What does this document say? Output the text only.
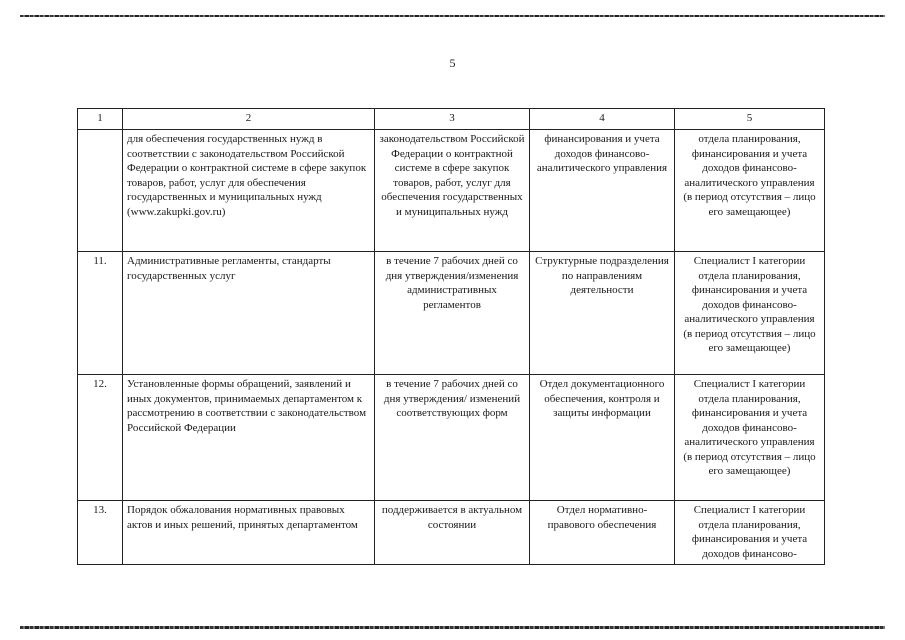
5
1	2	3	4	5
	для обеспечения государственных нужд в соответствии с законодательством Российской Федерации о контрактной системе в сфере закупок товаров, работ, услуг для обеспечения государственных и муниципальных нужд (www.zakupki.gov.ru)	законодательством Российской Федерации о контрактной системе в сфере закупок товаров, работ, услуг для обеспечения государственных и муниципальных нужд	финансирования и учета доходов финансово-аналитического управления	отдела планирования, финансирования и учета доходов финансово-аналитического управления (в период отсутствия – лицо его замещающее)
11.	Административные регламенты, стандарты государственных услуг	в течение 7 рабочих дней со дня утверждения/изменения административных регламентов	Структурные подразделения по направлениям деятельности	Специалист I категории отдела планирования, финансирования и учета доходов финансово-аналитического управления (в период отсутствия – лицо его замещающее)
12.	Установленные формы обращений, заявлений и иных документов, принимаемых департаментом к рассмотрению в соответствии с законодательством Российской Федерации	в течение 7 рабочих дней со дня утверждения/ изменений соответствующих форм	Отдел документационного обеспечения, контроля и защиты информации	Специалист I категории отдела планирования, финансирования и учета доходов финансово-аналитического управления (в период отсутствия – лицо его замещающее)
13.	Порядок обжалования нормативных правовых актов и иных решений, принятых департаментом	поддерживается в актуальном состоянии	Отдел нормативно-правового обеспечения	Специалист I категории отдела планирования, финансирования и учета доходов финансово-
